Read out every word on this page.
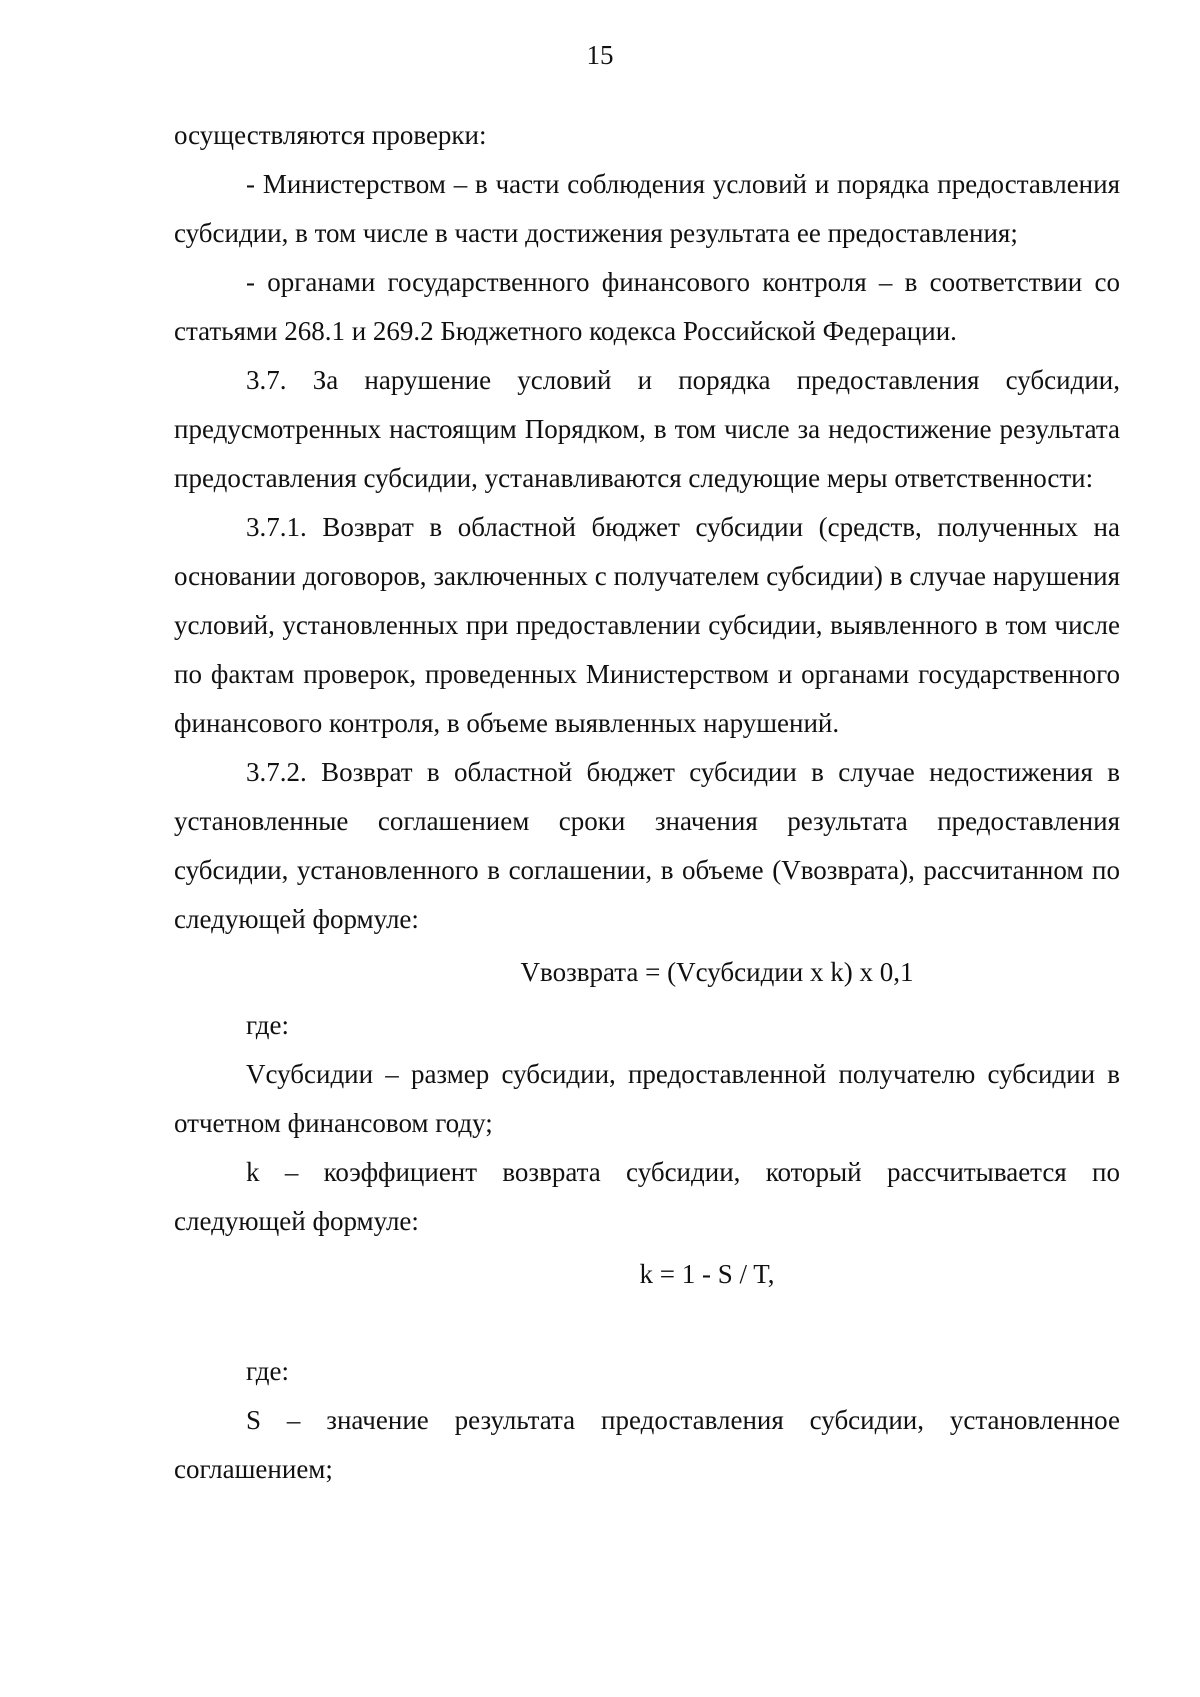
15

осуществляются проверки:

- Министерством – в части соблюдения условий и порядка предоставления субсидии, в том числе в части достижения результата ее предоставления;

- органами государственного финансового контроля – в соответствии со статьями 268.1 и 269.2 Бюджетного кодекса Российской Федерации.

3.7. За нарушение условий и порядка предоставления субсидии, предусмотренных настоящим Порядком, в том числе за недостижение результата предоставления субсидии, устанавливаются следующие меры ответственности:

3.7.1. Возврат в областной бюджет субсидии (средств, полученных на основании договоров, заключенных с получателем субсидии) в случае нарушения условий, установленных при предоставлении субсидии, выявленного в том числе по фактам проверок, проведенных Министерством и органами государственного финансового контроля, в объеме выявленных нарушений.

3.7.2. Возврат в областной бюджет субсидии в случае недостижения в установленные соглашением сроки значения результата предоставления субсидии, установленного в соглашении, в объеме (Vвозврата), рассчитанном по следующей формуле:

Vвозврата = (Vсубсидии x k) x 0,1

где:

Vсубсидии – размер субсидии, предоставленной получателю субсидии в отчетном финансовом году;

k – коэффициент возврата субсидии, который рассчитывается по следующей формуле:

k = 1 - S / T,

где:

S – значение результата предоставления субсидии, установленное соглашением;
